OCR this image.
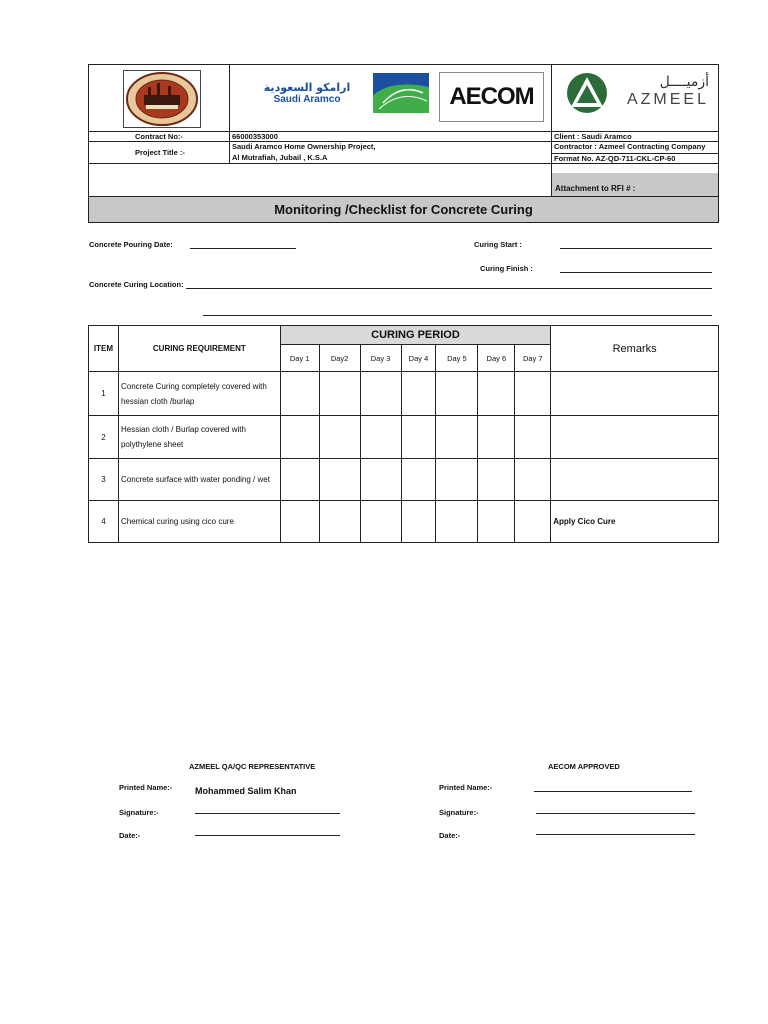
ارامكو السعودية
Saudi Aramco	AECOM
أزميــــل
AZMEEL
Contract No:-	66000353000	Client : Saudi Aramco
Project Title :-
Saudi Aramco Home Ownership Project,
Al Mutrafiah, Jubail , K.S.A
Contractor : Azmeel Contracting Company
Format No. AZ-QD-711-CKL-CP-60
Attachment to RFI # :
Monitoring /Checklist for Concrete Curing
Concrete Pouring Date:	Curing Start :
Curing Finish :
Concrete Curing Location:
ITEM	CURING REQUIREMENT	CURING PERIOD							Remarks
		Day 1	Day2	Day 3	Day 4	Day 5	Day 6	Day 7	
1	Concrete Curing completely covered with hessian cloth /burlap								
2	Hessian cloth / Burlap covered with polythylene sheet								
3	Concrete surface with water ponding / wet								
4	Chemical curing using cico cure								Apply Cico Cure
AZMEEL QA/QC REPRESENTATIVE	AECOM APPROVED
Printed Name:-	Mohammed Salim Khan	Printed Name:-
Signature:-	Signature:-
Date:-	Date:-
